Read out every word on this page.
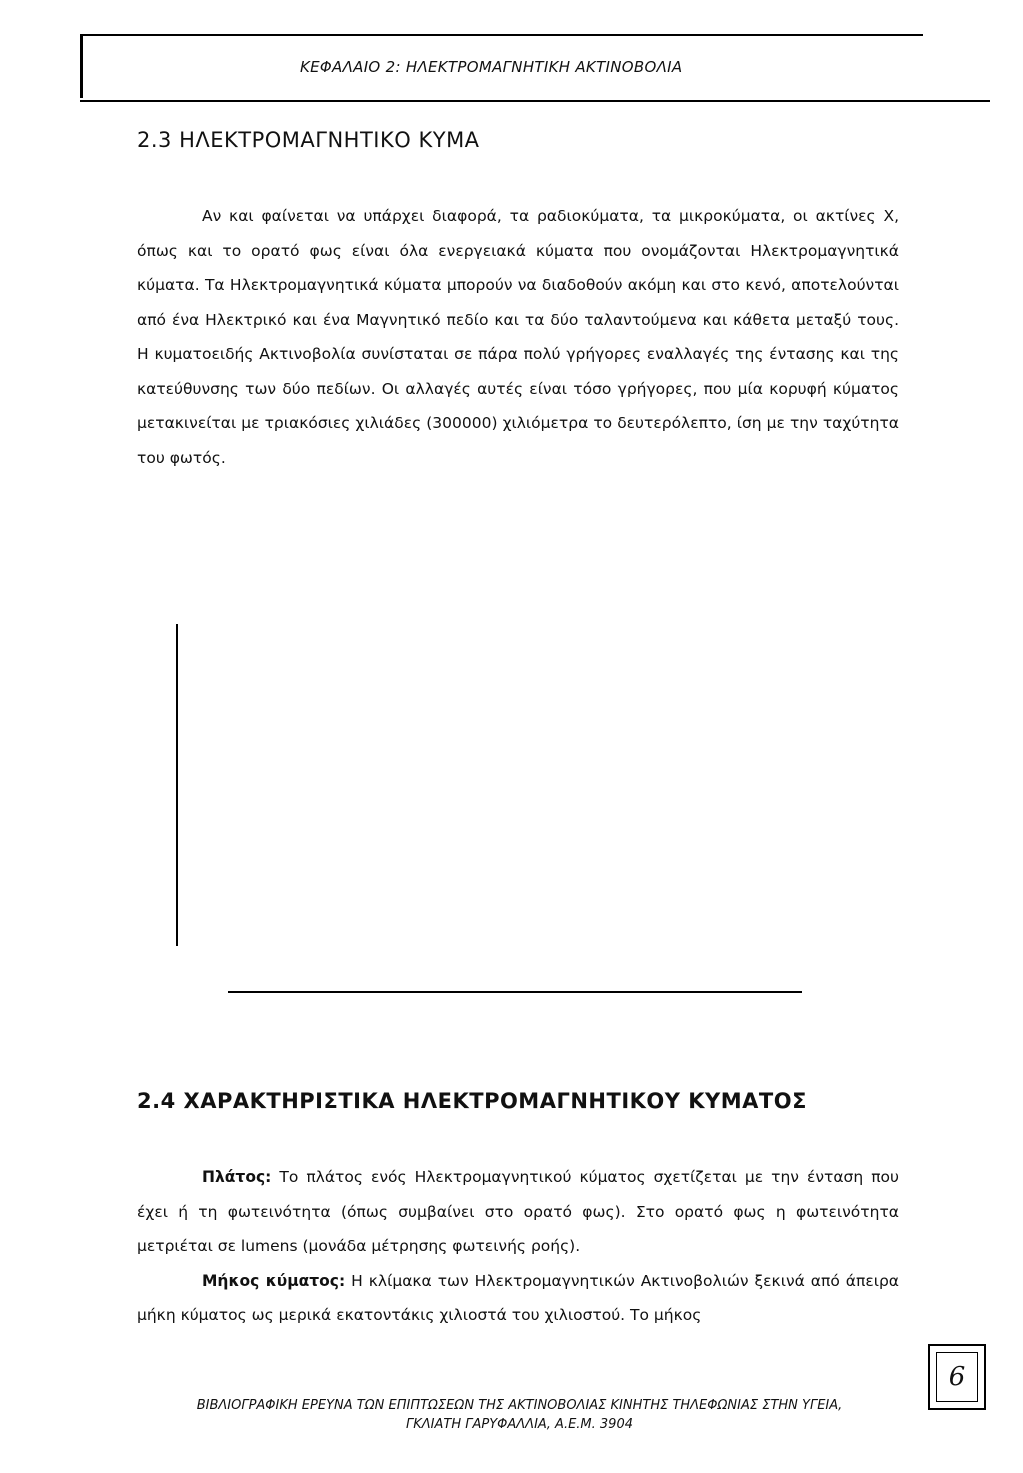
ΚΕΦΑΛΑΙΟ 2: ΗΛΕΚΤΡΟΜΑΓΝΗΤΙΚΗ ΑΚΤΙΝΟΒΟΛΙΑ
2.3 ΗΛΕΚΤΡΟΜΑΓΝΗΤΙΚΟ ΚΥΜΑ

Αν και φαίνεται να υπάρχει διαφορά, τα ραδιοκύματα, τα μικροκύματα, οι ακτίνες Χ, όπως και το ορατό φως είναι όλα ενεργειακά κύματα που ονομάζονται Ηλεκτρομαγνητικά κύματα. Τα Ηλεκτρομαγνητικά κύματα μπορούν να διαδοθούν ακόμη και στο κενό, αποτελούνται από ένα Ηλεκτρικό και ένα Μαγνητικό πεδίο και τα δύο ταλαντούμενα και κάθετα μεταξύ τους. Η κυματοειδής Ακτινοβολία συνίσταται σε πάρα πολύ γρήγορες εναλλαγές της έντασης και της κατεύθυνσης των δύο πεδίων. Οι αλλαγές αυτές είναι τόσο γρήγορες, που μία κορυφή κύματος μετακινείται με τριακόσιες χιλιάδες (300000) χιλιόμετρα το δευτερόλεπτο, ίση με την ταχύτητα του φωτός.

2.4 ΧΑΡΑΚΤΗΡΙΣΤΙΚΑ ΗΛΕΚΤΡΟΜΑΓΝΗΤΙΚΟΥ ΚΥΜΑΤΟΣ

Πλάτος: Το πλάτος ενός Ηλεκτρομαγνητικού κύματος σχετίζεται με την ένταση που έχει ή τη φωτεινότητα (όπως συμβαίνει στο ορατό φως). Στο ορατό φως η φωτεινότητα μετριέται σε lumens (μονάδα μέτρησης φωτεινής ροής).

Μήκος κύματος: Η κλίμακα των Ηλεκτρομαγνητικών Ακτινοβολιών ξεκινά από άπειρα μήκη κύματος ως μερικά εκατοντάκις χιλιοστά του χιλιοστού. Το μήκος

ΒΙΒΛΙΟΓΡΑΦΙΚΗ ΕΡΕΥΝΑ ΤΩΝ ΕΠΙΠΤΩΣΕΩΝ ΤΗΣ ΑΚΤΙΝΟΒΟΛΙΑΣ ΚΙΝΗΤΗΣ ΤΗΛΕΦΩΝΙΑΣ ΣΤΗΝ ΥΓΕΙΑ,
ΓΚΛΙΑΤΗ ΓΑΡΥΦΑΛΛΙΑ, Α.Ε.Μ. 3904
6
